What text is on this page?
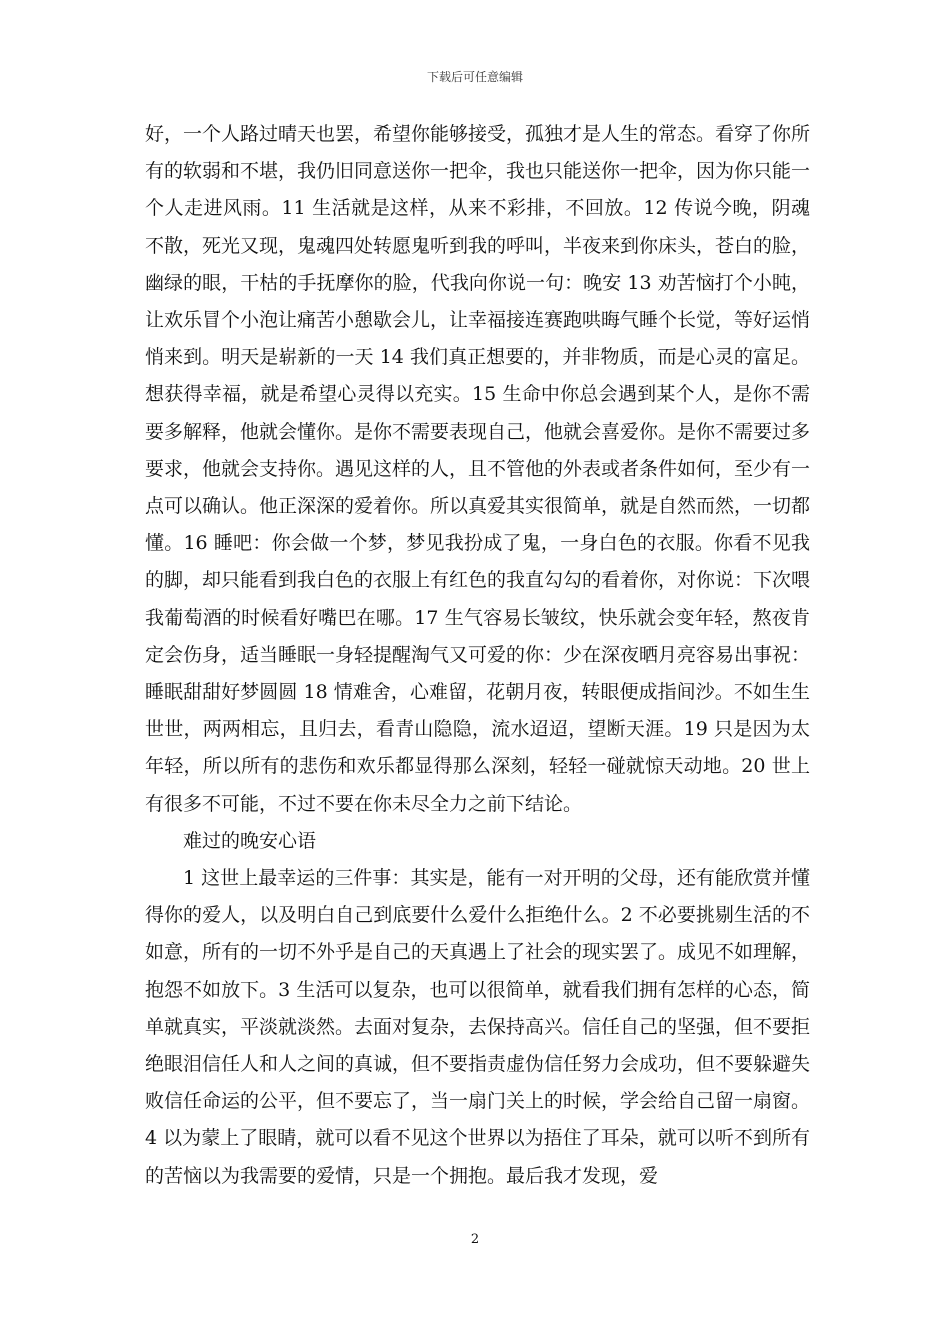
下载后可任意编辑

好，一个人路过晴天也罢，希望你能够接受，孤独才是人生的常态。看穿了你所有的软弱和不堪，我仍旧同意送你一把伞，我也只能送你一把伞，因为你只能一个人走进风雨。11 生活就是这样，从来不彩排，不回放。12 传说今晚，阴魂不散，死光又现，鬼魂四处转愿鬼听到我的呼叫，半夜来到你床头，苍白的脸，幽绿的眼，干枯的手抚摩你的脸，代我向你说一句：晚安 13 劝苦恼打个小盹，让欢乐冒个小泡让痛苦小憩歇会儿，让幸福接连赛跑哄晦气睡个长觉，等好运悄悄来到。明天是崭新的一天 14 我们真正想要的，并非物质，而是心灵的富足。想获得幸福，就是希望心灵得以充实。15 生命中你总会遇到某个人，是你不需要多解释，他就会懂你。是你不需要表现自己，他就会喜爱你。是你不需要过多要求，他就会支持你。遇见这样的人，且不管他的外表或者条件如何，至少有一点可以确认。他正深深的爱着你。所以真爱其实很简单，就是自然而然，一切都懂。16 睡吧：你会做一个梦，梦见我扮成了鬼，一身白色的衣服。你看不见我的脚，却只能看到我白色的衣服上有红色的我直勾勾的看着你，对你说：下次喂我葡萄酒的时候看好嘴巴在哪。17 生气容易长皱纹，快乐就会变年轻，熬夜肯定会伤身，适当睡眠一身轻提醒淘气又可爱的你：少在深夜晒月亮容易出事祝：睡眠甜甜好梦圆圆 18 情难舍，心难留，花朝月夜，转眼便成指间沙。不如生生世世，两两相忘，且归去，看青山隐隐，流水迢迢，望断天涯。19 只是因为太年轻，所以所有的悲伤和欢乐都显得那么深刻，轻轻一碰就惊天动地。20 世上有很多不可能，不过不要在你未尽全力之前下结论。

难过的晚安心语

1 这世上最幸运的三件事：其实是，能有一对开明的父母，还有能欣赏并懂得你的爱人，以及明白自己到底要什么爱什么拒绝什么。2 不必要挑剔生活的不如意，所有的一切不外乎是自己的天真遇上了社会的现实罢了。成见不如理解，抱怨不如放下。3 生活可以复杂，也可以很简单，就看我们拥有怎样的心态，简单就真实，平淡就淡然。去面对复杂，去保持高兴。信任自己的坚强，但不要拒绝眼泪信任人和人之间的真诚，但不要指责虚伪信任努力会成功，但不要躲避失败信任命运的公平，但不要忘了，当一扇门关上的时候，学会给自己留一扇窗。4 以为蒙上了眼睛，就可以看不见这个世界以为捂住了耳朵，就可以听不到所有的苦恼以为我需要的爱情，只是一个拥抱。最后我才发现，爱

2
